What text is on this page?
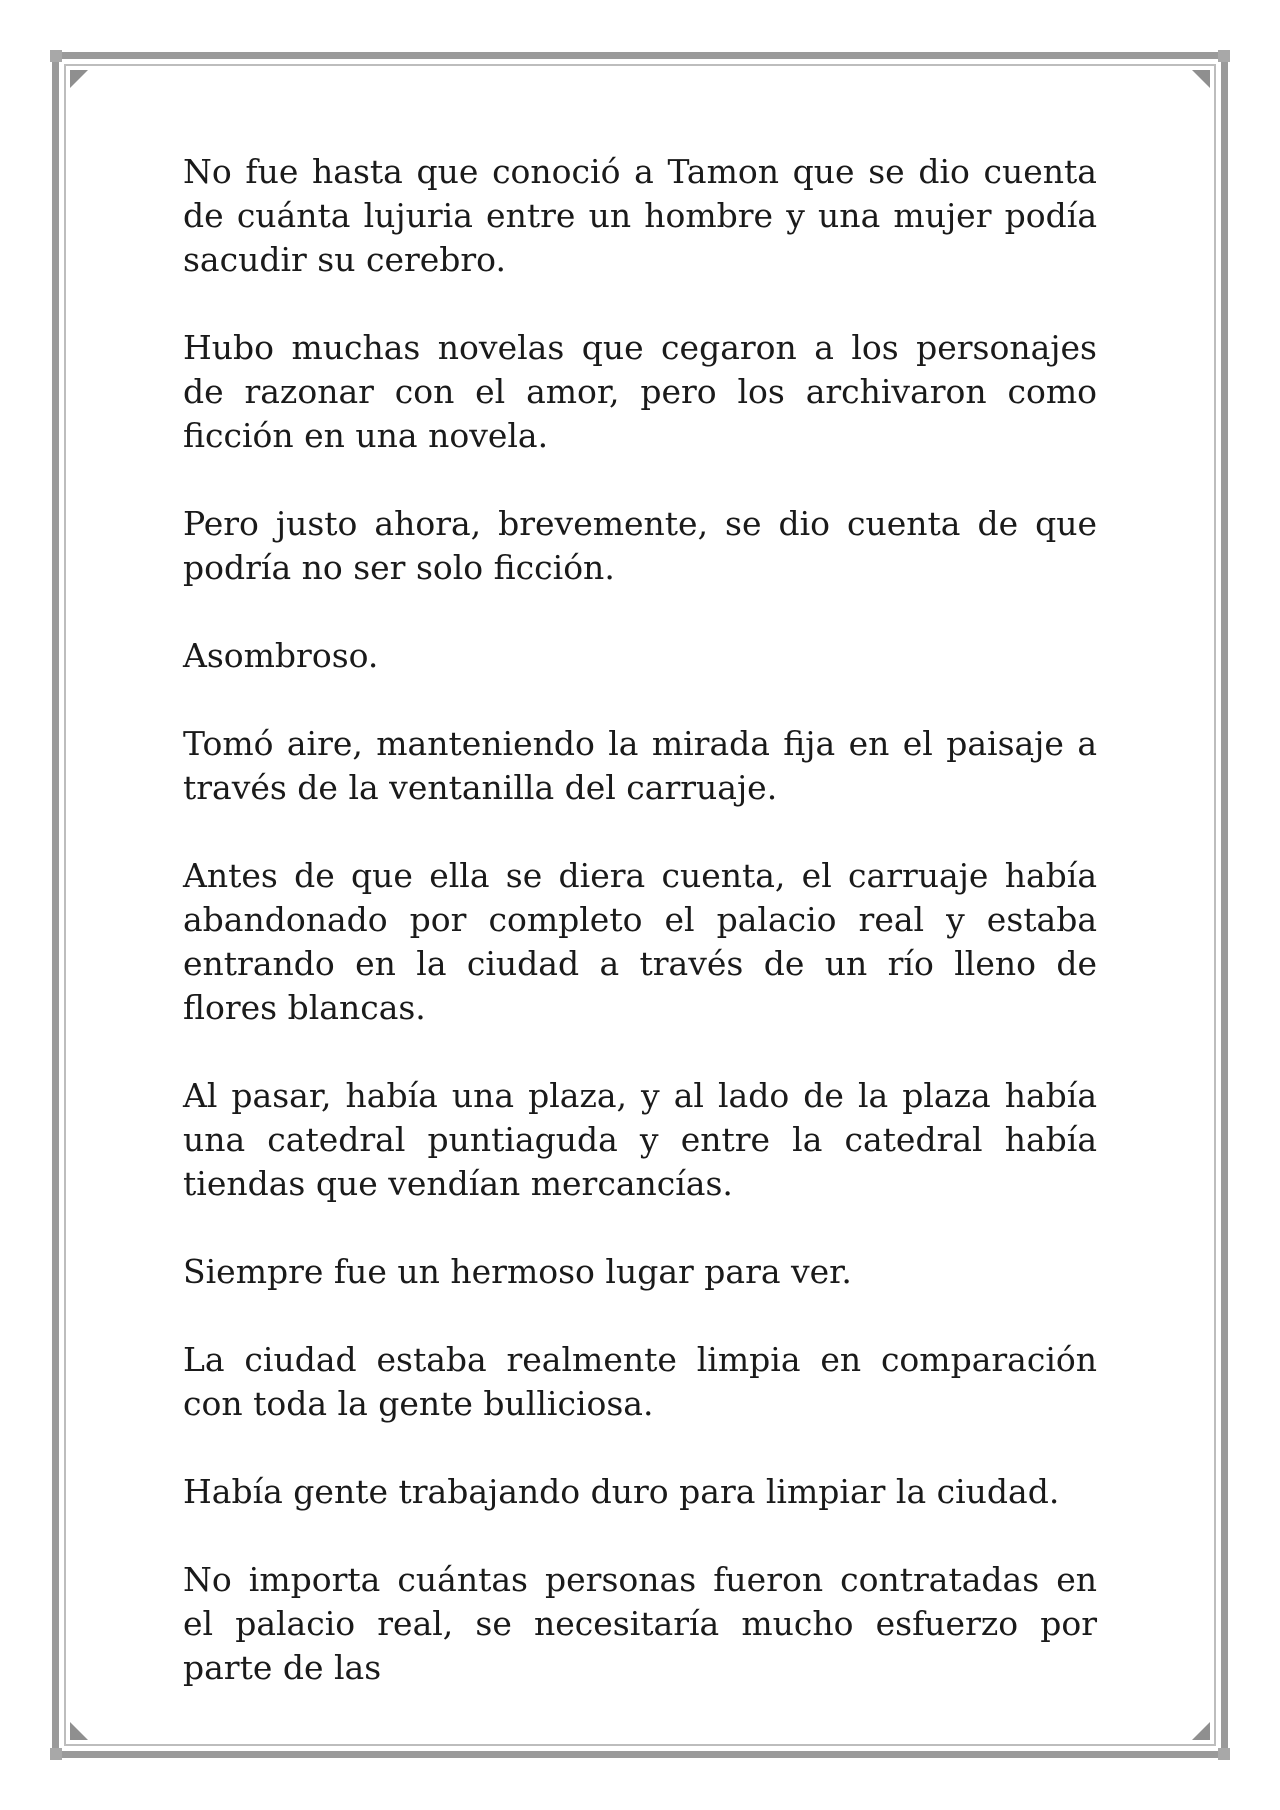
No fue hasta que conoció a Tamon que se dio cuenta de cuánta lujuria entre un hombre y una mujer podía sacudir su cerebro.

Hubo muchas novelas que cegaron a los personajes de razonar con el amor, pero los archivaron como ficción en una novela.

Pero justo ahora, brevemente, se dio cuenta de que podría no ser solo ficción.

Asombroso.

Tomó aire, manteniendo la mirada fija en el paisaje a través de la ventanilla del carruaje.

Antes de que ella se diera cuenta, el carruaje había abandonado por completo el palacio real y estaba entrando en la ciudad a través de un río lleno de flores blancas.

Al pasar, había una plaza, y al lado de la plaza había una catedral puntiaguda y entre la catedral había tiendas que vendían mercancías.

Siempre fue un hermoso lugar para ver.

La ciudad estaba realmente limpia en comparación con toda la gente bulliciosa.

Había gente trabajando duro para limpiar la ciudad.

No importa cuántas personas fueron contratadas en el palacio real, se necesitaría mucho esfuerzo por parte de las
